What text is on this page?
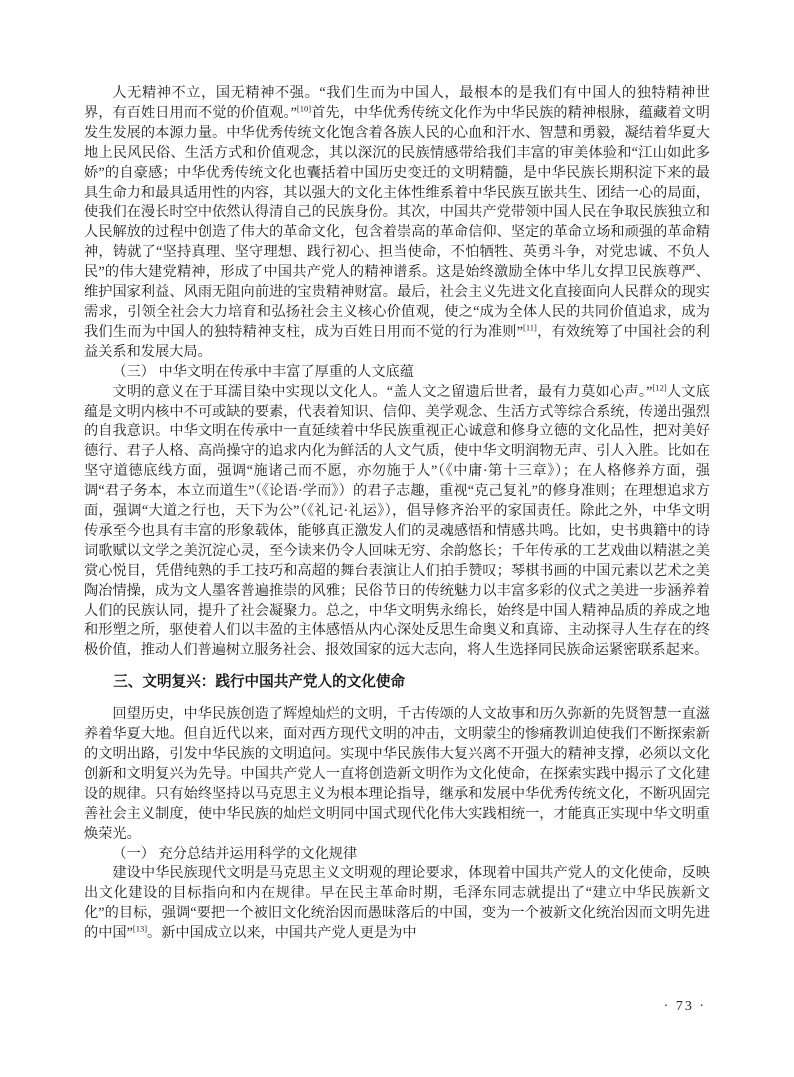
人无精神不立，国无精神不强。“我们生而为中国人，最根本的是我们有中国人的独特精神世界，有百姓日用而不觉的价值观。”[10]首先，中华优秀传统文化作为中华民族的精神根脉，蕴藏着文明发生发展的本源力量。中华优秀传统文化饱含着各族人民的心血和汗水、智慧和勇毅，凝结着华夏大地上民风民俗、生活方式和价值观念，其以深沉的民族情感带给我们丰富的审美体验和“江山如此多娇”的自豪感；中华优秀传统文化也囊括着中国历史变迁的文明精髓，是中华民族长期积淀下来的最具生命力和最具适用性的内容，其以强大的文化主体性维系着中华民族互嵌共生、团结一心的局面，使我们在漫长时空中依然认得清自己的民族身份。其次，中国共产党带领中国人民在争取民族独立和人民解放的过程中创造了伟大的革命文化，包含着崇高的革命信仰、坚定的革命立场和顽强的革命精神，铸就了“坚持真理、坚守理想、践行初心、担当使命，不怕牺牲、英勇斗争，对党忠诚、不负人民”的伟大建党精神，形成了中国共产党人的精神谱系。这是始终激励全体中华儿女捍卫民族尊严、维护国家利益、风雨无阻向前进的宝贵精神财富。最后，社会主义先进文化直接面向人民群众的现实需求，引领全社会大力培育和弘扬社会主义核心价值观，使之“成为全体人民的共同价值追求，成为我们生而为中国人的独特精神支柱，成为百姓日用而不觉的行为准则”[11]，有效统筹了中国社会的利益关系和发展大局。

（三） 中华文明在传承中丰富了厚重的人文底蕴

文明的意义在于耳濡目染中实现以文化人。“盖人文之留遗后世者，最有力莫如心声。”[12]人文底蕴是文明内核中不可或缺的要素，代表着知识、信仰、美学观念、生活方式等综合系统，传递出强烈的自我意识。中华文明在传承中一直延续着中华民族重视正心诚意和修身立德的文化品性，把对美好德行、君子人格、高尚操守的追求内化为鲜活的人文气质，使中华文明润物无声、引人入胜。比如在坚守道德底线方面，强调“施诸己而不愿，亦勿施于人”（《中庸·第十三章》）；在人格修养方面，强调“君子务本，本立而道生”（《论语·学而》）的君子志趣，重视“克己复礼”的修身准则；在理想追求方面，强调“大道之行也，天下为公”（《礼记·礼运》），倡导修齐治平的家国责任。除此之外，中华文明传承至今也具有丰富的形象载体，能够真正激发人们的灵魂感悟和情感共鸣。比如，史书典籍中的诗词歌赋以文学之美沉淀心灵，至今读来仍令人回味无穷、余韵悠长；千年传承的工艺戏曲以精湛之美赏心悦目，凭借纯熟的手工技巧和高超的舞台表演让人们拍手赞叹；琴棋书画的中国元素以艺术之美陶冶情操，成为文人墨客普遍推崇的风雅；民俗节日的传统魅力以丰富多彩的仪式之美进一步涵养着人们的民族认同，提升了社会凝聚力。总之，中华文明隽永绵长，始终是中国人精神品质的养成之地和形塑之所，驱使着人们以丰盈的主体感悟从内心深处反思生命奥义和真谛、主动探寻人生存在的终极价值，推动人们普遍树立服务社会、报效国家的远大志向，将人生选择同民族命运紧密联系起来。

三、文明复兴：践行中国共产党人的文化使命

回望历史，中华民族创造了辉煌灿烂的文明，千古传颂的人文故事和历久弥新的先贤智慧一直滋养着华夏大地。但自近代以来，面对西方现代文明的冲击，文明蒙尘的惨痛教训迫使我们不断探索新的文明出路，引发中华民族的文明追问。实现中华民族伟大复兴离不开强大的精神支撑，必须以文化创新和文明复兴为先导。中国共产党人一直将创造新文明作为文化使命，在探索实践中揭示了文化建设的规律。只有始终坚持以马克思主义为根本理论指导，继承和发展中华优秀传统文化，不断巩固完善社会主义制度，使中华民族的灿烂文明同中国式现代化伟大实践相统一，才能真正实现中华文明重焕荣光。

（一） 充分总结并运用科学的文化规律

建设中华民族现代文明是马克思主义文明观的理论要求，体现着中国共产党人的文化使命，反映出文化建设的目标指向和内在规律。早在民主革命时期，毛泽东同志就提出了“建立中华民族新文化”的目标，强调“要把一个被旧文化统治因而愚昧落后的中国，变为一个被新文化统治因而文明先进的中国”[13]。新中国成立以来，中国共产党人更是为中

· 73 ·
